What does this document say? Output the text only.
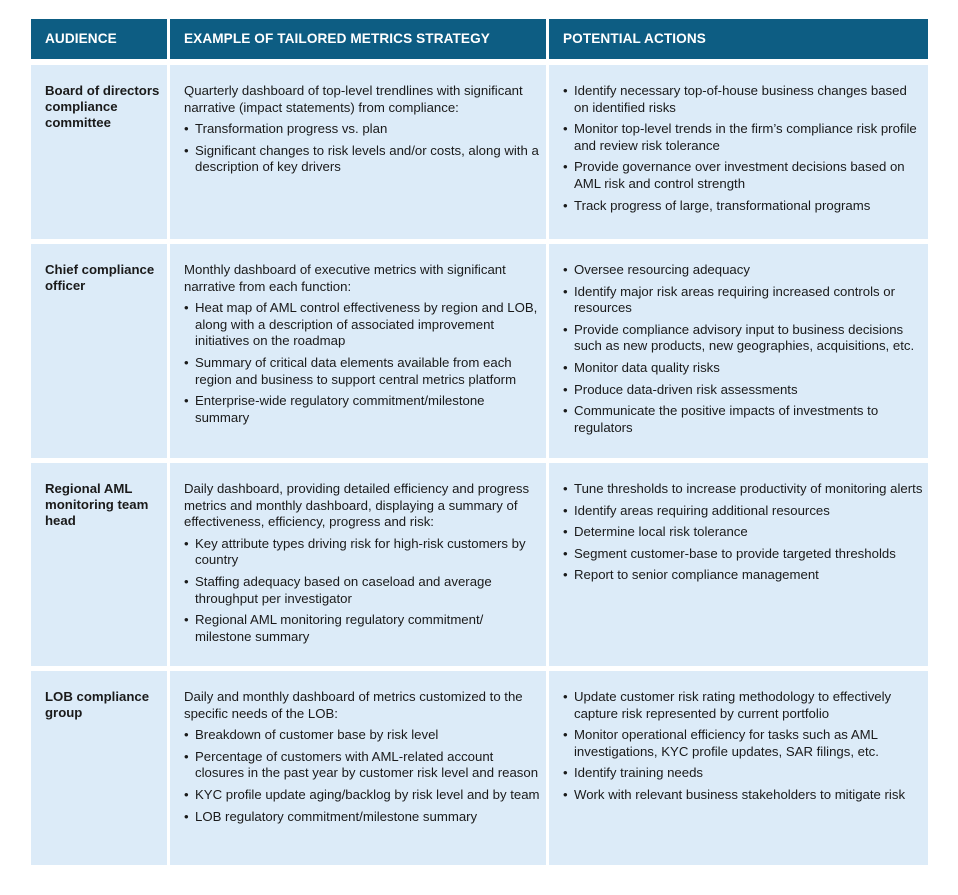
AUDIENCE	EXAMPLE OF TAILORED METRICS STRATEGY	POTENTIAL ACTIONS
Board of directors compliance committee
Quarterly dashboard of top-level trendlines with significant narrative (impact statements) from compliance:
• Transformation progress vs. plan
• Significant changes to risk levels and/or costs, along with a description of key drivers
• Identify necessary top-of-house business changes based on identified risks
• Monitor top-level trends in the firm’s compliance risk profile and review risk tolerance
• Provide governance over investment decisions based on AML risk and control strength
• Track progress of large, transformational programs
Chief compliance officer
Monthly dashboard of executive metrics with significant narrative from each function:
• Heat map of AML control effectiveness by region and LOB, along with a description of associated improvement initiatives on the roadmap
• Summary of critical data elements available from each region and business to support central metrics platform
• Enterprise-wide regulatory commitment/milestone summary
• Oversee resourcing adequacy
• Identify major risk areas requiring increased controls or resources
• Provide compliance advisory input to business decisions such as new products, new geographies, acquisitions, etc.
• Monitor data quality risks
• Produce data-driven risk assessments
• Communicate the positive impacts of investments to regulators
Regional AML monitoring team head
Daily dashboard, providing detailed efficiency and progress metrics and monthly dashboard, displaying a summary of effectiveness, efficiency, progress and risk:
• Key attribute types driving risk for high-risk customers by country
• Staffing adequacy based on caseload and average throughput per investigator
• Regional AML monitoring regulatory commitment/ milestone summary
• Tune thresholds to increase productivity of monitoring alerts
• Identify areas requiring additional resources
• Determine local risk tolerance
• Segment customer-base to provide targeted thresholds
• Report to senior compliance management
LOB compliance group
Daily and monthly dashboard of metrics customized to the specific needs of the LOB:
• Breakdown of customer base by risk level
• Percentage of customers with AML-related account closures in the past year by customer risk level and reason
• KYC profile update aging/backlog by risk level and by team
• LOB regulatory commitment/milestone summary
• Update customer risk rating methodology to effectively capture risk represented by current portfolio
• Monitor operational efficiency for tasks such as AML investigations, KYC profile updates, SAR filings, etc.
• Identify training needs
• Work with relevant business stakeholders to mitigate risk
